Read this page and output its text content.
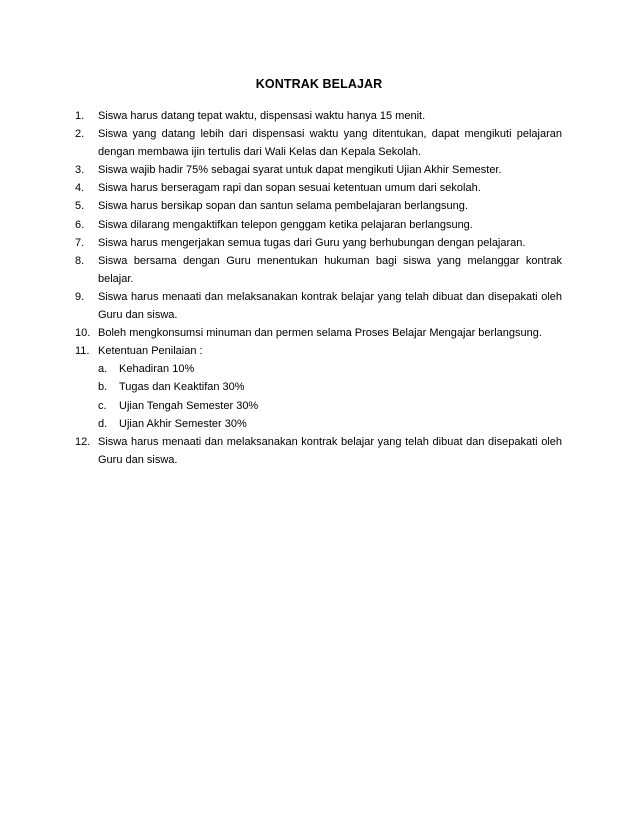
KONTRAK BELAJAR
1. Siswa harus datang tepat waktu, dispensasi waktu hanya 15 menit.
2. Siswa yang datang lebih dari dispensasi waktu yang ditentukan, dapat mengikuti pelajaran dengan membawa ijin tertulis dari Wali Kelas dan Kepala Sekolah.
3. Siswa wajib hadir 75% sebagai syarat untuk dapat mengikuti Ujian Akhir Semester.
4. Siswa harus berseragam rapi dan sopan sesuai ketentuan umum dari sekolah.
5. Siswa harus bersikap sopan dan santun selama pembelajaran berlangsung.
6. Siswa dilarang mengaktifkan telepon genggam ketika pelajaran berlangsung.
7. Siswa harus mengerjakan semua tugas dari Guru yang berhubungan dengan pelajaran.
8. Siswa bersama dengan Guru menentukan hukuman bagi siswa yang melanggar kontrak belajar.
9. Siswa harus menaati dan melaksanakan kontrak belajar yang telah dibuat dan disepakati oleh Guru dan siswa.
10. Boleh mengkonsumsi minuman dan permen selama Proses Belajar Mengajar berlangsung.
11. Ketentuan Penilaian :
a. Kehadiran 10%
b. Tugas dan Keaktifan 30%
c. Ujian Tengah Semester 30%
d. Ujian Akhir Semester 30%
12. Siswa harus menaati dan melaksanakan kontrak belajar yang telah dibuat dan disepakati oleh Guru dan siswa.
